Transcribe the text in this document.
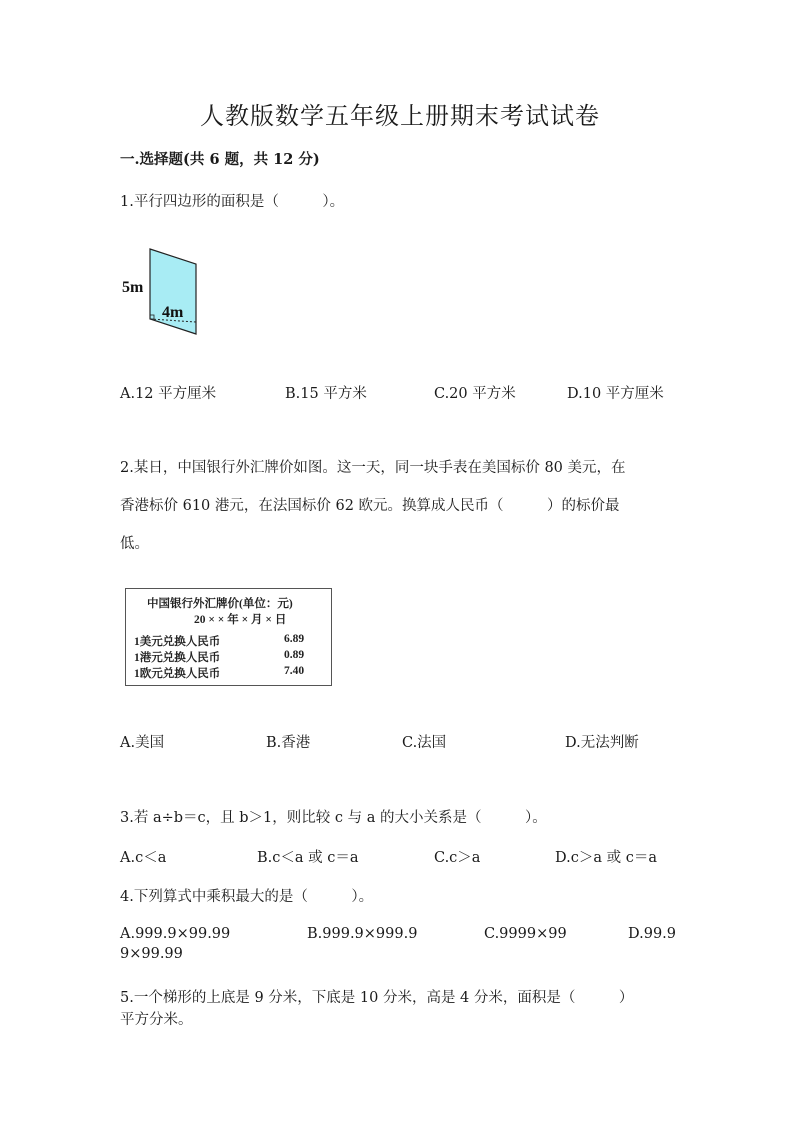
人教版数学五年级上册期末考试试卷
一.选择题(共 6 题，共 12 分)
1.平行四边形的面积是（　　　）。
5m
4m
A.12 平方厘米	B.15 平方米	C.20 平方米	D.10 平方厘米
2.某日，中国银行外汇牌价如图。这一天，同一块手表在美国标价 80 美元，在
香港标价 610 港元，在法国标价 62 欧元。换算成人民币（　　　）的标价最
低。
中国银行外汇牌价(单位：元)
20 × × 年 × 月 × 日
1美元兑换人民币	6.89
1港元兑换人民币	0.89
1欧元兑换人民币	7.40
A.美国	B.香港	C.法国	D.无法判断
3.若 a÷b＝c，且 b＞1，则比较 c 与 a 的大小关系是（　　　）。
A.c＜a	B.c＜a 或 c＝a	C.c＞a	D.c＞a 或 c＝a
4.下列算式中乘积最大的是（　　　）。
A.999.9×99.99	B.999.9×999.9	C.9999×99	D.99.9
9×99.99
5.一个梯形的上底是 9 分米，下底是 10 分米，高是 4 分米，面积是（　　　）
平方分米。
